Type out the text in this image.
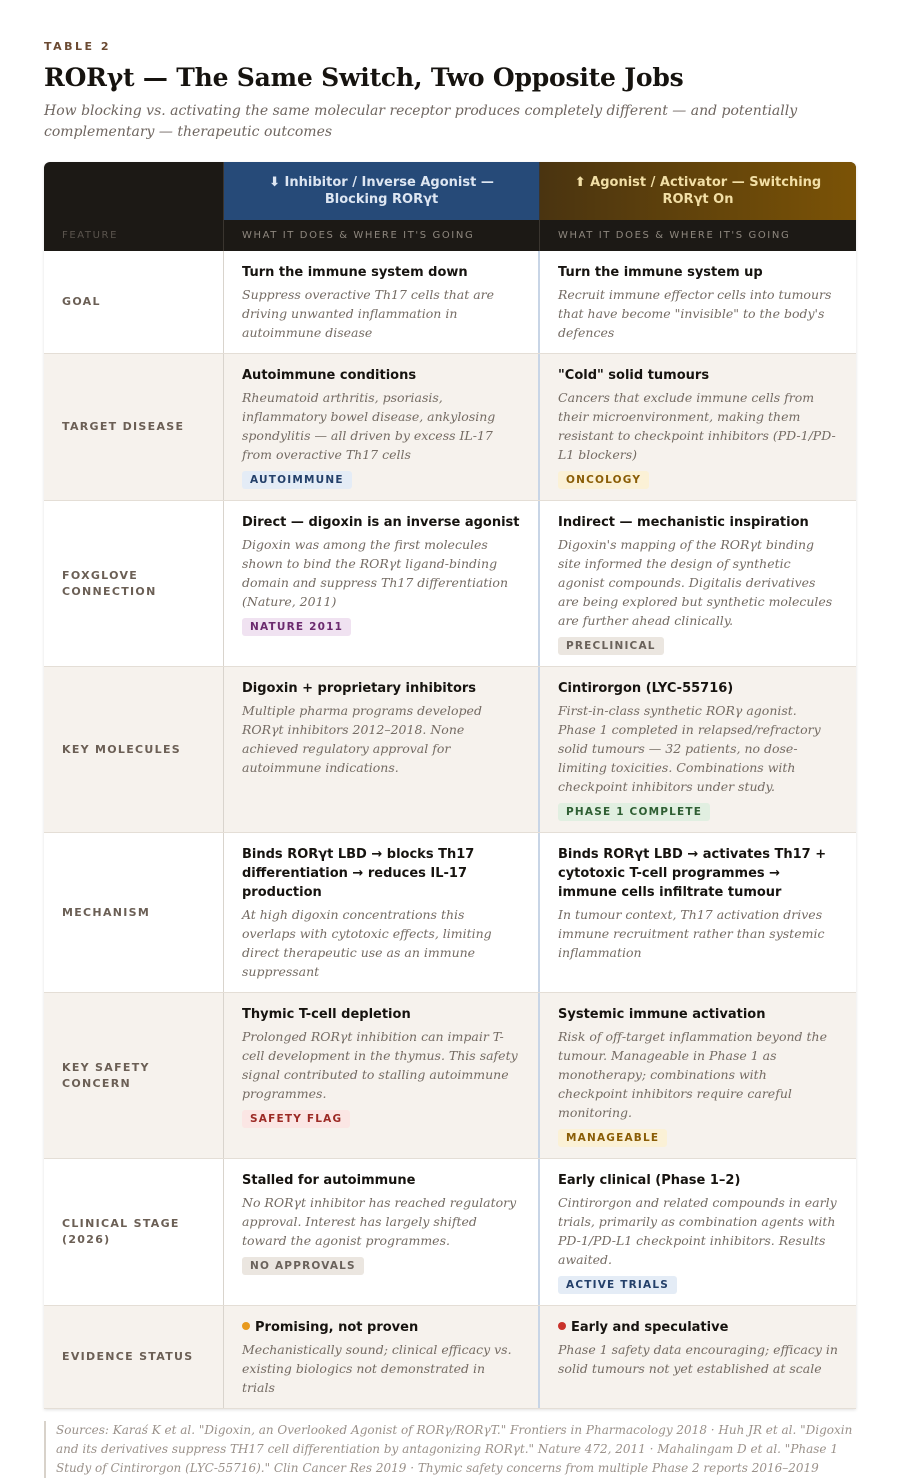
TABLE 2
RORγt — The Same Switch, Two Opposite Jobs
How blocking vs. activating the same molecular receptor produces completely different — and potentially complementary — therapeutic outcomes
⬇ Inhibitor / Inverse Agonist — Blocking RORγt
⬆ Agonist / Activator — Switching RORγt On
FEATURE	WHAT IT DOES & WHERE IT'S GOING	WHAT IT DOES & WHERE IT'S GOING
GOAL
Turn the immune system down
Suppress overactive Th17 cells that are driving unwanted inflammation in autoimmune disease
Turn the immune system up
Recruit immune effector cells into tumours that have become "invisible" to the body's defences
TARGET DISEASE
Autoimmune conditions
Rheumatoid arthritis, psoriasis, inflammatory bowel disease, ankylosing spondylitis — all driven by excess IL-17 from overactive Th17 cells
AUTOIMMUNE
"Cold" solid tumours
Cancers that exclude immune cells from their microenvironment, making them resistant to checkpoint inhibitors (PD-1/PD-L1 blockers)
ONCOLOGY
FOXGLOVE CONNECTION
Direct — digoxin is an inverse agonist
Digoxin was among the first molecules shown to bind the RORγt ligand-binding domain and suppress Th17 differentiation (Nature, 2011)
NATURE 2011
Indirect — mechanistic inspiration
Digoxin's mapping of the RORγt binding site informed the design of synthetic agonist compounds. Digitalis derivatives are being explored but synthetic molecules are further ahead clinically.
PRECLINICAL
KEY MOLECULES
Digoxin + proprietary inhibitors
Multiple pharma programs developed RORγt inhibitors 2012–2018. None achieved regulatory approval for autoimmune indications.
Cintirorgon (LYC-55716)
First-in-class synthetic RORγ agonist. Phase 1 completed in relapsed/refractory solid tumours — 32 patients, no dose-limiting toxicities. Combinations with checkpoint inhibitors under study.
PHASE 1 COMPLETE
MECHANISM
Binds RORγt LBD → blocks Th17 differentiation → reduces IL-17 production
At high digoxin concentrations this overlaps with cytotoxic effects, limiting direct therapeutic use as an immune suppressant
Binds RORγt LBD → activates Th17 + cytotoxic T-cell programmes → immune cells infiltrate tumour
In tumour context, Th17 activation drives immune recruitment rather than systemic inflammation
KEY SAFETY CONCERN
Thymic T-cell depletion
Prolonged RORγt inhibition can impair T-cell development in the thymus. This safety signal contributed to stalling autoimmune programmes.
SAFETY FLAG
Systemic immune activation
Risk of off-target inflammation beyond the tumour. Manageable in Phase 1 as monotherapy; combinations with checkpoint inhibitors require careful monitoring.
MANAGEABLE
CLINICAL STAGE (2026)
Stalled for autoimmune
No RORγt inhibitor has reached regulatory approval. Interest has largely shifted toward the agonist programmes.
NO APPROVALS
Early clinical (Phase 1–2)
Cintirorgon and related compounds in early trials, primarily as combination agents with PD-1/PD-L1 checkpoint inhibitors. Results awaited.
ACTIVE TRIALS
EVIDENCE STATUS
Promising, not proven
Mechanistically sound; clinical efficacy vs. existing biologics not demonstrated in trials
Early and speculative
Phase 1 safety data encouraging; efficacy in solid tumours not yet established at scale
Sources: Karaś K et al. "Digoxin, an Overlooked Agonist of RORγ/RORγT." Frontiers in Pharmacology 2018 · Huh JR et al. "Digoxin and its derivatives suppress TH17 cell differentiation by antagonizing RORγt." Nature 472, 2011 · Mahalingam D et al. "Phase 1 Study of Cintirorgon (LYC-55716)." Clin Cancer Res 2019 · Thymic safety concerns from multiple Phase 2 reports 2016–2019
